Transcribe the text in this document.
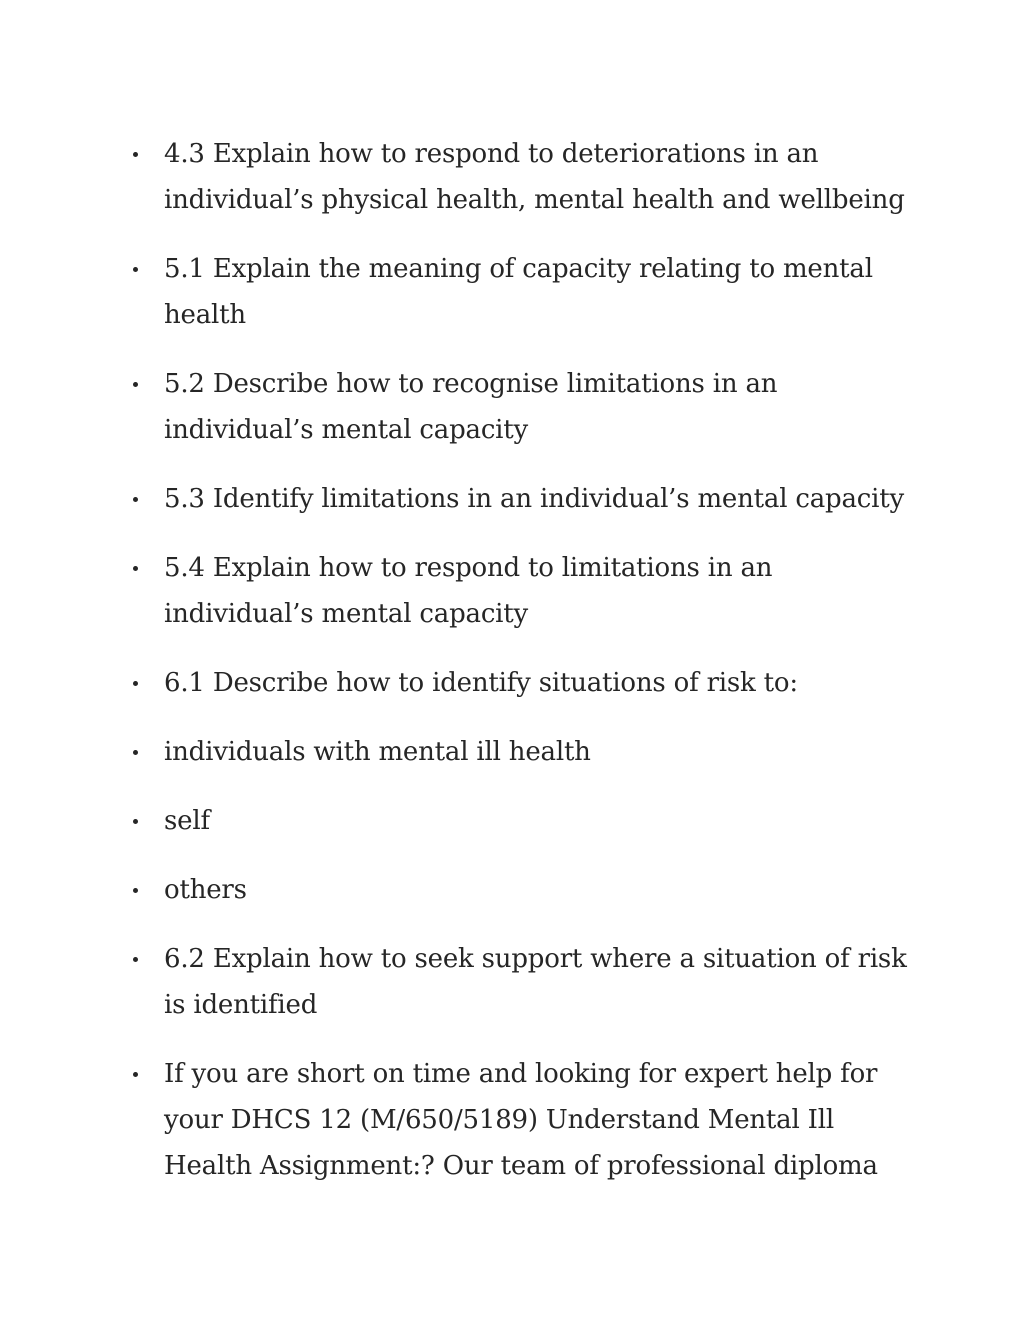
4.3 Explain how to respond to deteriorations in an individual’s physical health, mental health and wellbeing
5.1 Explain the meaning of capacity relating to mental health
5.2 Describe how to recognise limitations in an individual’s mental capacity
5.3 Identify limitations in an individual’s mental capacity
5.4 Explain how to respond to limitations in an individual’s mental capacity
6.1 Describe how to identify situations of risk to:
individuals with mental ill health
self
others
6.2 Explain how to seek support where a situation of risk is identified
If you are short on time and looking for expert help for your DHCS 12 (M/650/5189) Understand Mental Ill Health Assignment:? Our team of professional diploma
